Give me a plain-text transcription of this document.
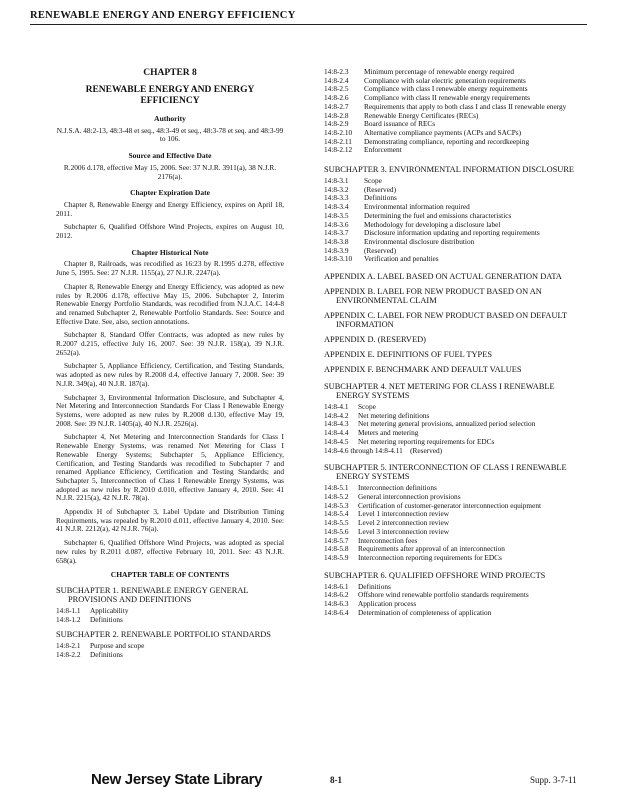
RENEWABLE ENERGY AND ENERGY EFFICIENCY
CHAPTER 8
RENEWABLE ENERGY AND ENERGY EFFICIENCY
Authority

N.J.S.A. 48:2-13, 48:3-48 et seq., 48:3-49 et seq., 48:3-78 et seq. and 48:3-99 to 106.

Source and Effective Date

R.2006 d.178, effective May 15, 2006. See: 37 N.J.R. 3911(a), 38 N.J.R. 2176(a).

Chapter Expiration Date

Chapter 8, Renewable Energy and Energy Efficiency, expires on April 18, 2011.

Subchapter 6, Qualified Offshore Wind Projects, expires on August 10, 2012.

Chapter Historical Note

Chapter 8, Railroads, was recodified as 16:23 by R.1995 d.278, effective June 5, 1995. See: 27 N.J.R. 1155(a), 27 N.J.R. 2247(a).

Chapter 8, Renewable Energy and Energy Efficiency, was adopted as new rules by R.2006 d.178, effective May 15, 2006. Subchapter 2, Interim Renewable Energy Portfolio Standards, was recodified from N.J.A.C. 14:4-8 and renamed Subchapter 2, Renewable Portfolio Standards. See: Source and Effective Date. See, also, section annotations.

Subchapter 8, Standard Offer Contracts, was adopted as new rules by R.2007 d.215, effective July 16, 2007. See: 39 N.J.R. 158(a), 39 N.J.R. 2652(a).

Subchapter 5, Appliance Efficiency, Certification, and Testing Standards, was adopted as new rules by R.2008 d.4, effective January 7, 2008. See: 39 N.J.R. 349(a), 40 N.J.R. 187(a).

Subchapter 3, Environmental Information Disclosure, and Subchapter 4, Net Metering and Interconnection Standards For Class I Renewable Energy Systems, were adopted as new rules by R.2008 d.130, effective May 19, 2008. See: 39 N.J.R. 1405(a), 40 N.J.R. 2526(a).

Subchapter 4, Net Metering and Interconnection Standards for Class I Renewable Energy Systems, was renamed Net Metering for Class I Renewable Energy Systems; Subchapter 5, Appliance Efficiency, Certification, and Testing Standards was recodified to Subchapter 7 and renamed Appliance Efficiency, Certification and Testing Standards; and Subchapter 5, Interconnection of Class I Renewable Energy Systems, was adopted as new rules by R.2010 d.010, effective January 4, 2010. See: 41 N.J.R. 2215(a), 42 N.J.R. 78(a).

Appendix H of Subchapter 3, Label Update and Distribution Timing Requirements, was repealed by R.2010 d.011, effective January 4, 2010. See: 41 N.J.R. 2212(a), 42 N.J.R. 76(a).

Subchapter 6, Qualified Offshore Wind Projects, was adopted as special new rules by R.2011 d.087, effective February 10, 2011. See: 43 N.J.R. 658(a).

CHAPTER TABLE OF CONTENTS
SUBCHAPTER 1. RENEWABLE ENERGY GENERAL PROVISIONS AND DEFINITIONS
14:8-1.1	Applicability
14:8-1.2	Definitions
SUBCHAPTER 2. RENEWABLE PORTFOLIO STANDARDS
14:8-2.1	Purpose and scope
14:8-2.2	Definitions
14:8-2.3	Minimum percentage of renewable energy required
14:8-2.4	Compliance with solar electric generation requirements
14:8-2.5	Compliance with class I renewable energy requirements
14:8-2.6	Compliance with class II renewable energy requirements
14:8-2.7	Requirements that apply to both class I and class II renewable energy
14:8-2.8	Renewable Energy Certificates (RECs)
14:8-2.9	Board issuance of RECs
14:8-2.10	Alternative compliance payments (ACPs and SACPs)
14:8-2.11	Demonstrating compliance, reporting and recordkeeping
14:8-2.12	Enforcement
SUBCHAPTER 3. ENVIRONMENTAL INFORMATION DISCLOSURE
14:8-3.1	Scope
14:8-3.2	(Reserved)
14:8-3.3	Definitions
14:8-3.4	Environmental information required
14:8-3.5	Determining the fuel and emissions characteristics
14:8-3.6	Methodology for developing a disclosure label
14:8-3.7	Disclosure information updating and reporting requirements
14:8-3.8	Environmental disclosure distribution
14:8-3.9	(Reserved)
14:8-3.10	Verification and penalties
APPENDIX A. LABEL BASED ON ACTUAL GENERATION DATA
APPENDIX B. LABEL FOR NEW PRODUCT BASED ON AN ENVIRONMENTAL CLAIM
APPENDIX C. LABEL FOR NEW PRODUCT BASED ON DEFAULT INFORMATION
APPENDIX D. (RESERVED)
APPENDIX E. DEFINITIONS OF FUEL TYPES
APPENDIX F. BENCHMARK AND DEFAULT VALUES
SUBCHAPTER 4. NET METERING FOR CLASS I RENEWABLE ENERGY SYSTEMS
14:8-4.1	Scope
14:8-4.2	Net metering definitions
14:8-4.3	Net metering general provisions, annualized period selection
14:8-4.4	Meters and metering
14:8-4.5	Net metering reporting requirements for EDCs
14:8-4.6 through 14:8-4.11    (Reserved)
SUBCHAPTER 5. INTERCONNECTION OF CLASS I RENEWABLE ENERGY SYSTEMS
14:8-5.1	Interconnection definitions
14:8-5.2	General interconnection provisions
14:8-5.3	Certification of customer-generator interconnection equipment
14:8-5.4	Level 1 interconnection review
14:8-5.5	Level 2 interconnection review
14:8-5.6	Level 3 interconnection review
14:8-5.7	Interconnection fees
14:8-5.8	Requirements after approval of an interconnection
14:8-5.9	Interconnection reporting requirements for EDCs
SUBCHAPTER 6. QUALIFIED OFFSHORE WIND PROJECTS
14:8-6.1	Definitions
14:8-6.2	Offshore wind renewable portfolio standards requirements
14:8-6.3	Application process
14:8-6.4	Determination of completeness of application
New Jersey State Library	8-1	Supp. 3-7-11
